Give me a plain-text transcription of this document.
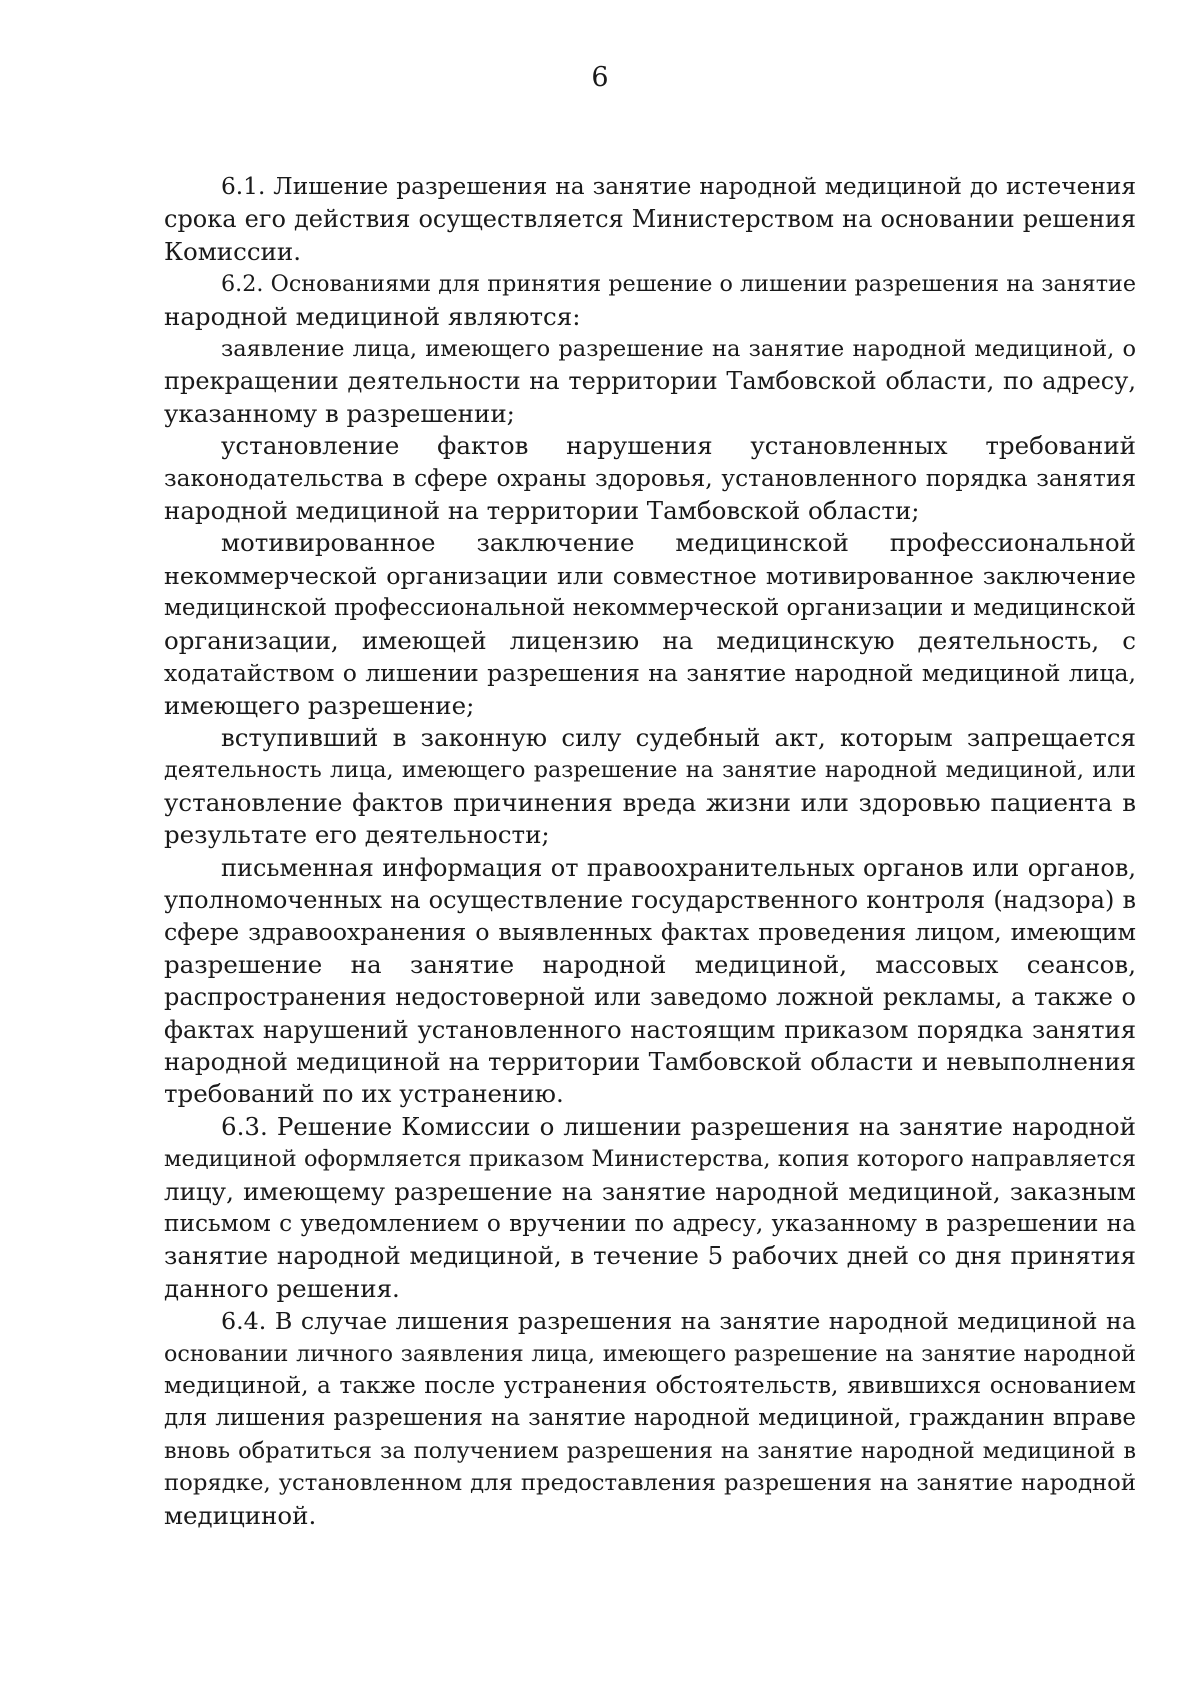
6
6.1. Лишение разрешения на занятие народной медициной до истечения
срока его действия осуществляется Министерством на основании решения
Комиссии.
6.2. Основаниями для принятия решение о лишении разрешения на занятие
народной медициной являются:
заявление лица, имеющего разрешение на занятие народной медициной, о
прекращении деятельности на территории Тамбовской области, по адресу,
указанному в разрешении;
установление фактов нарушения установленных требований
законодательства в сфере охраны здоровья, установленного порядка занятия
народной медициной на территории Тамбовской области;
мотивированное заключение медицинской профессиональной
некоммерческой организации или совместное мотивированное заключение
медицинской профессиональной некоммерческой организации и медицинской
организации, имеющей лицензию на медицинскую деятельность, с
ходатайством о лишении разрешения на занятие народной медициной лица,
имеющего разрешение;
вступивший в законную силу судебный акт, которым запрещается
деятельность лица, имеющего разрешение на занятие народной медициной, или
установление фактов причинения вреда жизни или здоровью пациента в
результате его деятельности;
письменная информация от правоохранительных органов или органов,
уполномоченных на осуществление государственного контроля (надзора) в
сфере здравоохранения о выявленных фактах проведения лицом, имеющим
разрешение на занятие народной медициной, массовых сеансов,
распространения недостоверной или заведомо ложной рекламы, а также о
фактах нарушений установленного настоящим приказом порядка занятия
народной медициной на территории Тамбовской области и невыполнения
требований по их устранению.
6.3. Решение Комиссии о лишении разрешения на занятие народной
медициной оформляется приказом Министерства, копия которого направляется
лицу, имеющему разрешение на занятие народной медициной, заказным
письмом с уведомлением о вручении по адресу, указанному в разрешении на
занятие народной медициной, в течение 5 рабочих дней со дня принятия
данного решения.
6.4. В случае лишения разрешения на занятие народной медициной на
основании личного заявления лица, имеющего разрешение на занятие народной
медициной, а также после устранения обстоятельств, явившихся основанием
для лишения разрешения на занятие народной медициной, гражданин вправе
вновь обратиться за получением разрешения на занятие народной медициной в
порядке, установленном для предоставления разрешения на занятие народной
медициной.
